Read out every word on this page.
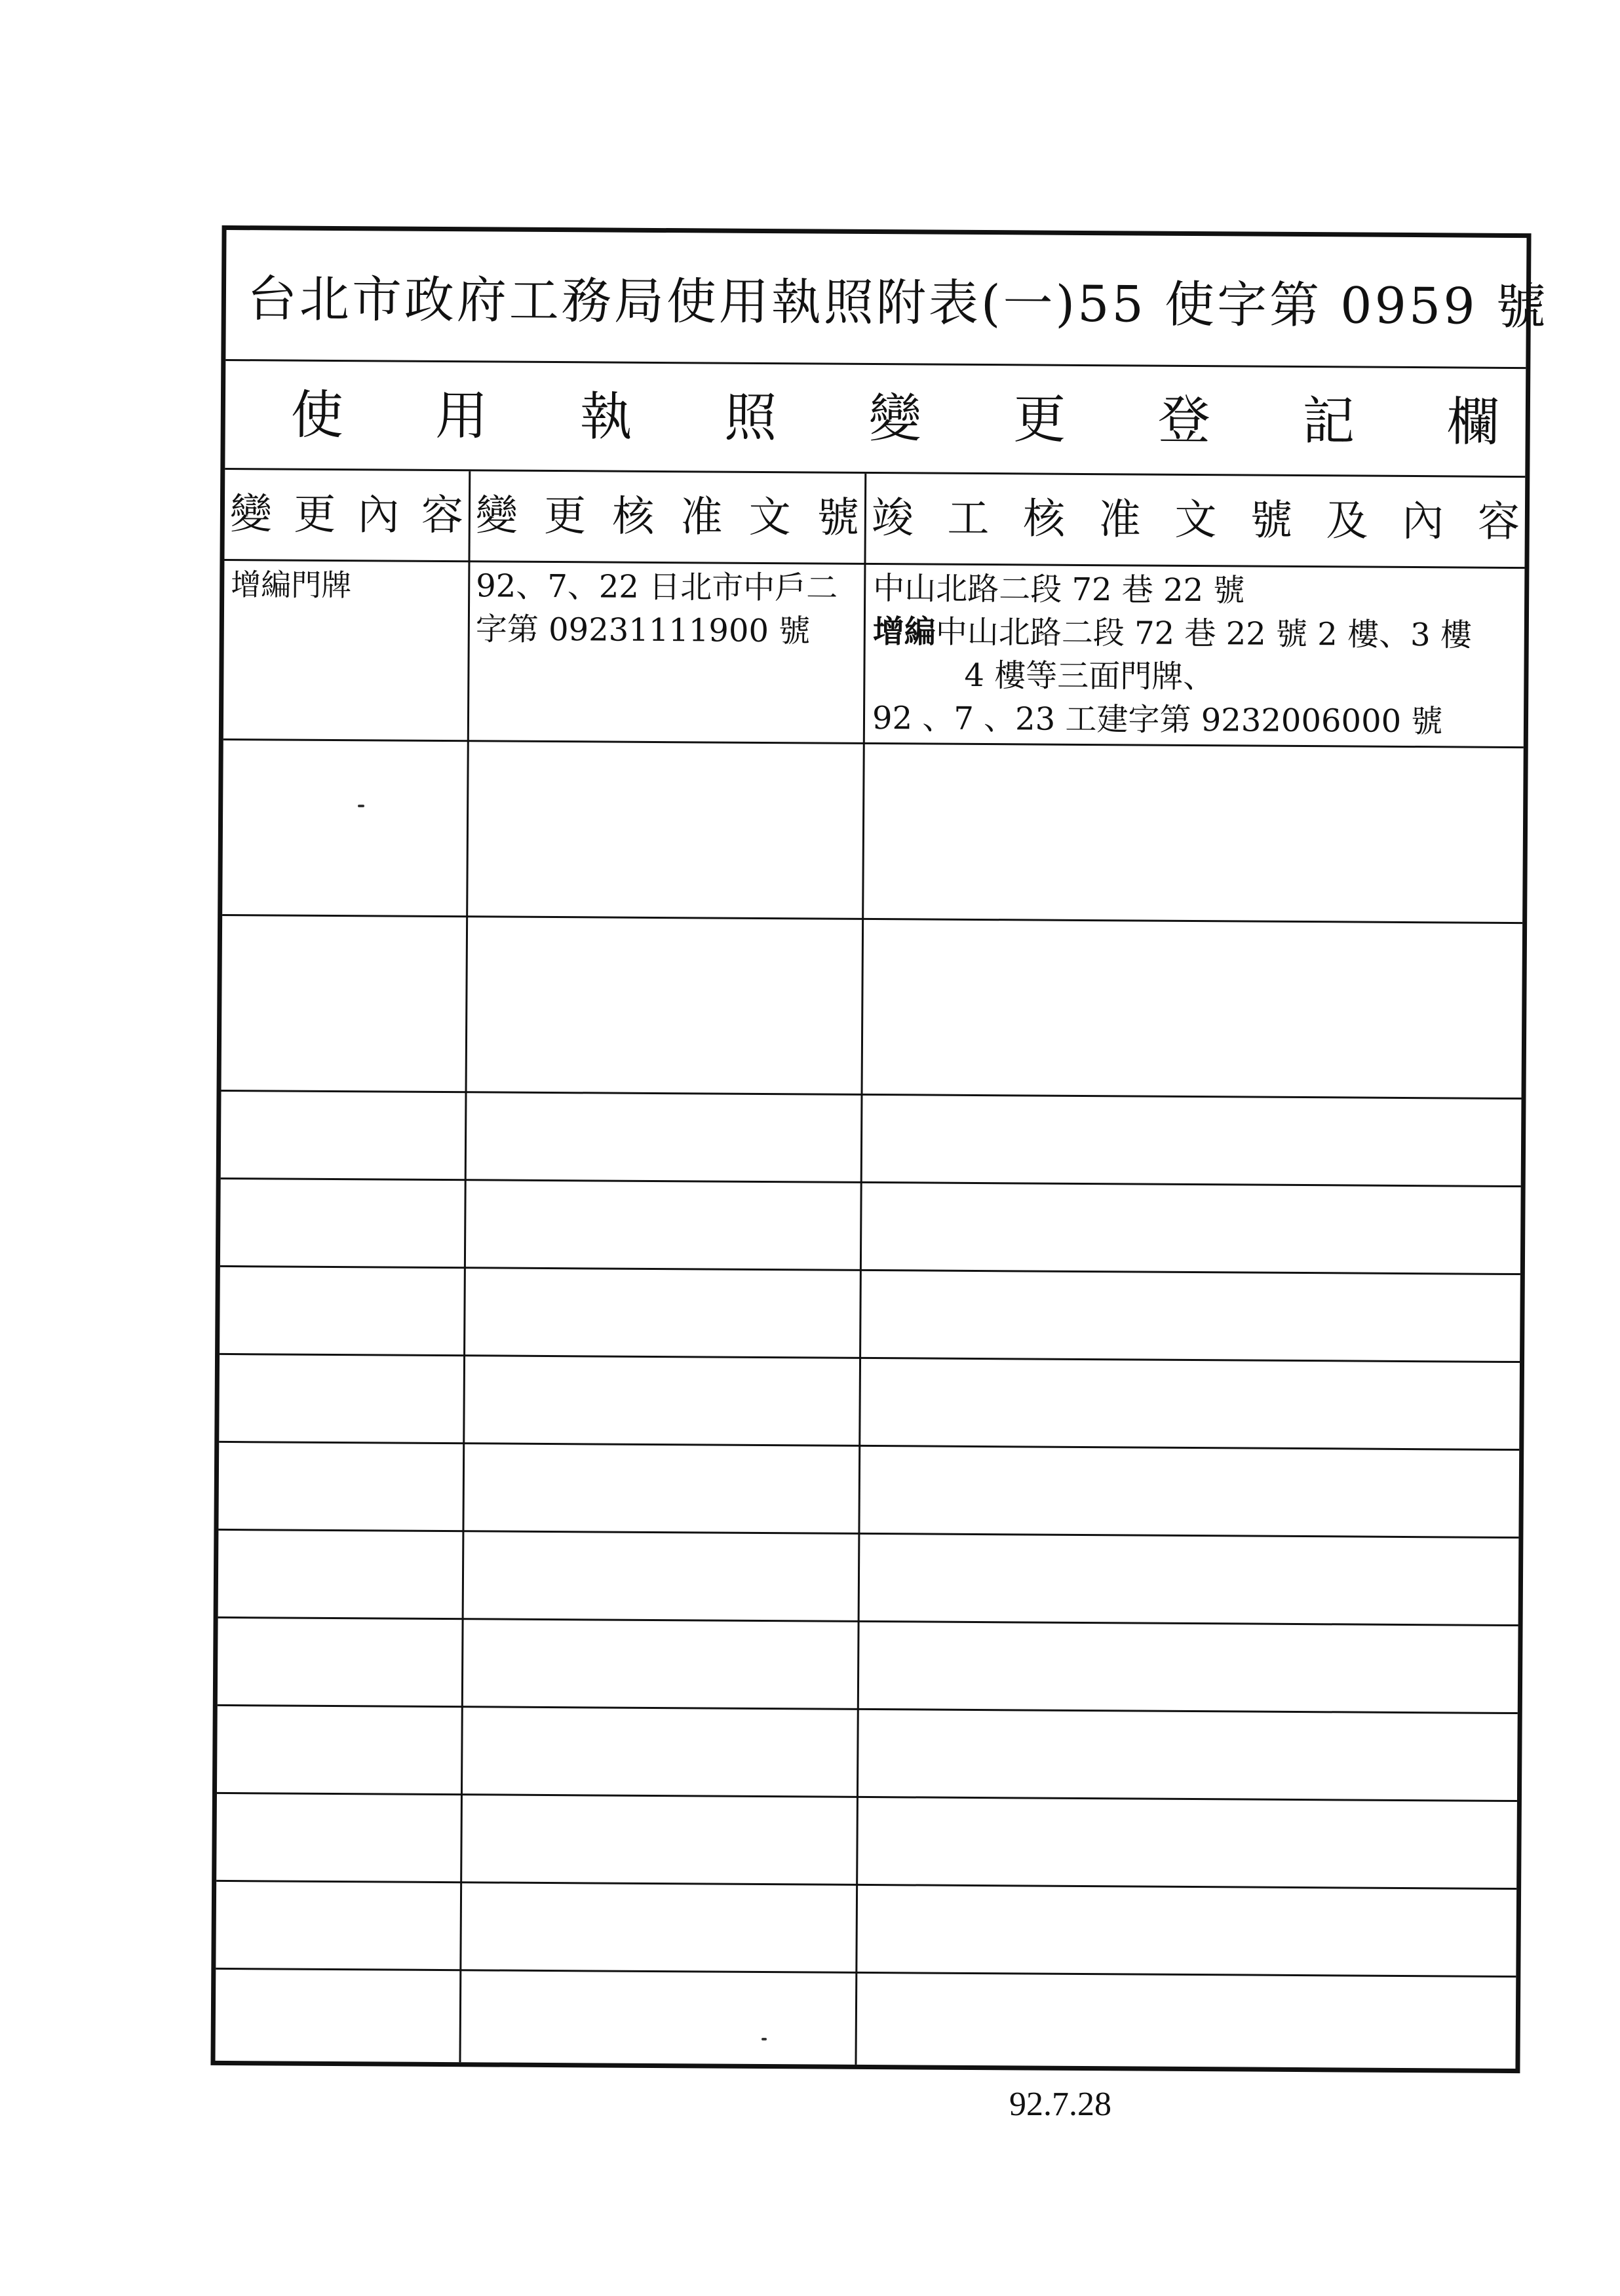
台北市政府工務局使用執照附表(一)55 使字第 0959 號
使 用 執 照 變 更 登 記 欄
變 更 內 容 變 更 核 准 文 號 竣 工 核 准 文 號 及 內 容
增編門牌	92、7、22 日北市中戶二
字第 09231111900 號
中山北路二段 72 巷 22 號
增編中山北路二段 72 巷 22 號 2 樓、3 樓
4 樓等三面門牌、
92 、7 、23 工建字第 9232006000 號
92.7.28
